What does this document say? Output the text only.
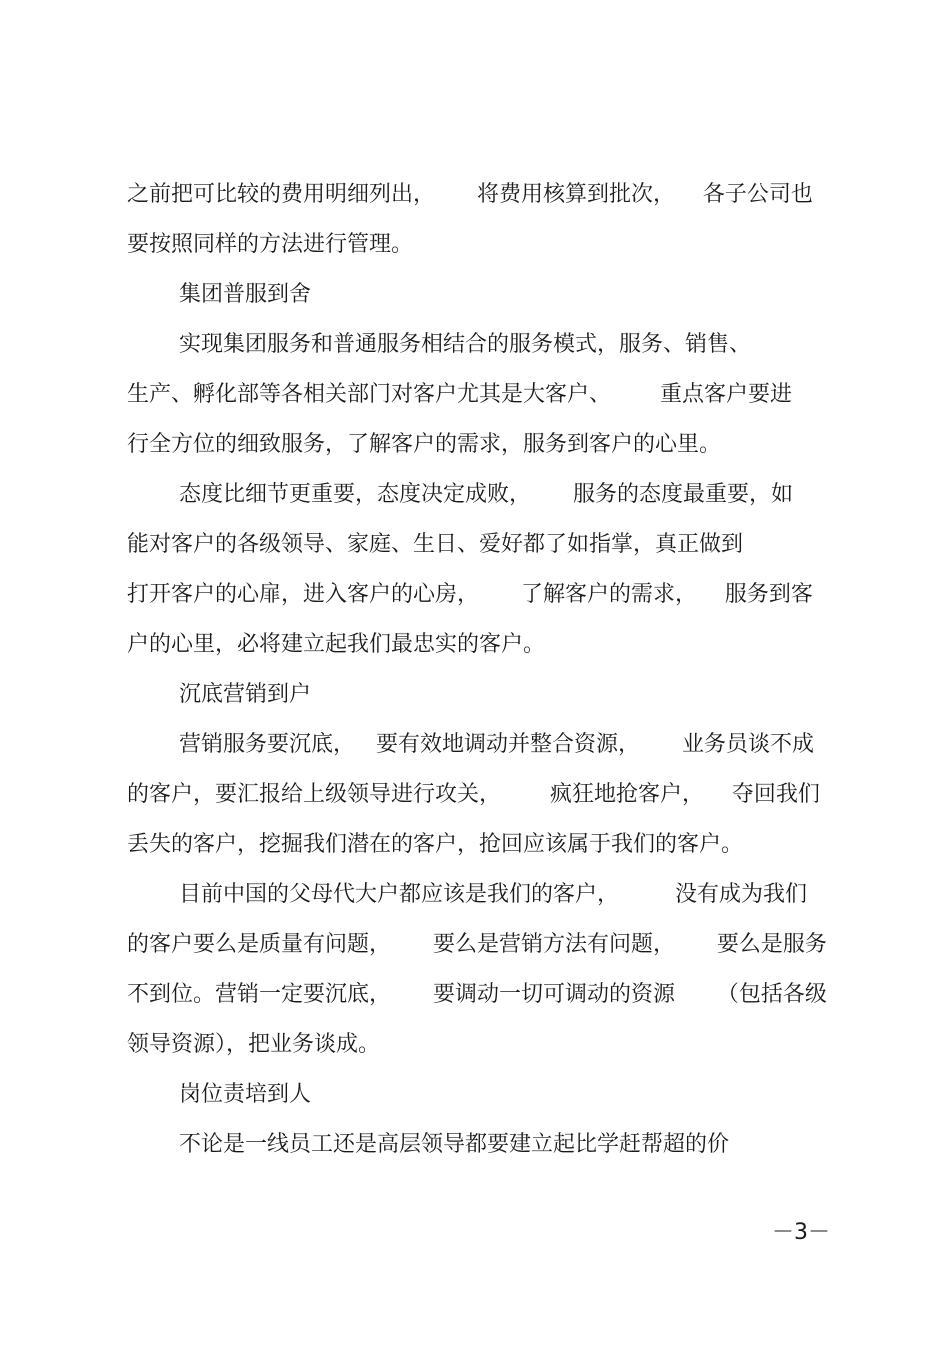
之前把可比较的费用明细列出，      将费用核算到批次，    各子公司也
要按照同样的方法进行管理。
集团普服到舍
实现集团服务和普通服务相结合的服务模式，服务、销售、
生产、孵化部等各相关部门对客户尤其是大客户、       重点客户要进
行全方位的细致服务，了解客户的需求，服务到客户的心里。
态度比细节更重要，态度决定成败，      服务的态度最重要，如
能对客户的各级领导、家庭、生日、爱好都了如指掌，真正做到
打开客户的心扉，进入客户的心房，      了解客户的需求，    服务到客
户的心里，必将建立起我们最忠实的客户。
沉底营销到户
营销服务要沉底，   要有效地调动并整合资源，      业务员谈不成
的客户，要汇报给上级领导进行攻关，       疯狂地抢客户，    夺回我们
丢失的客户，挖掘我们潜在的客户，抢回应该属于我们的客户。
目前中国的父母代大户都应该是我们的客户，        没有成为我们
的客户要么是质量有问题，      要么是营销方法有问题，      要么是服务
不到位。营销一定要沉底，      要调动一切可调动的资源      （包括各级
领导资源），把业务谈成。
岗位责培到人
不论是一线员工还是高层领导都要建立起比学赶帮超的价
－3－
